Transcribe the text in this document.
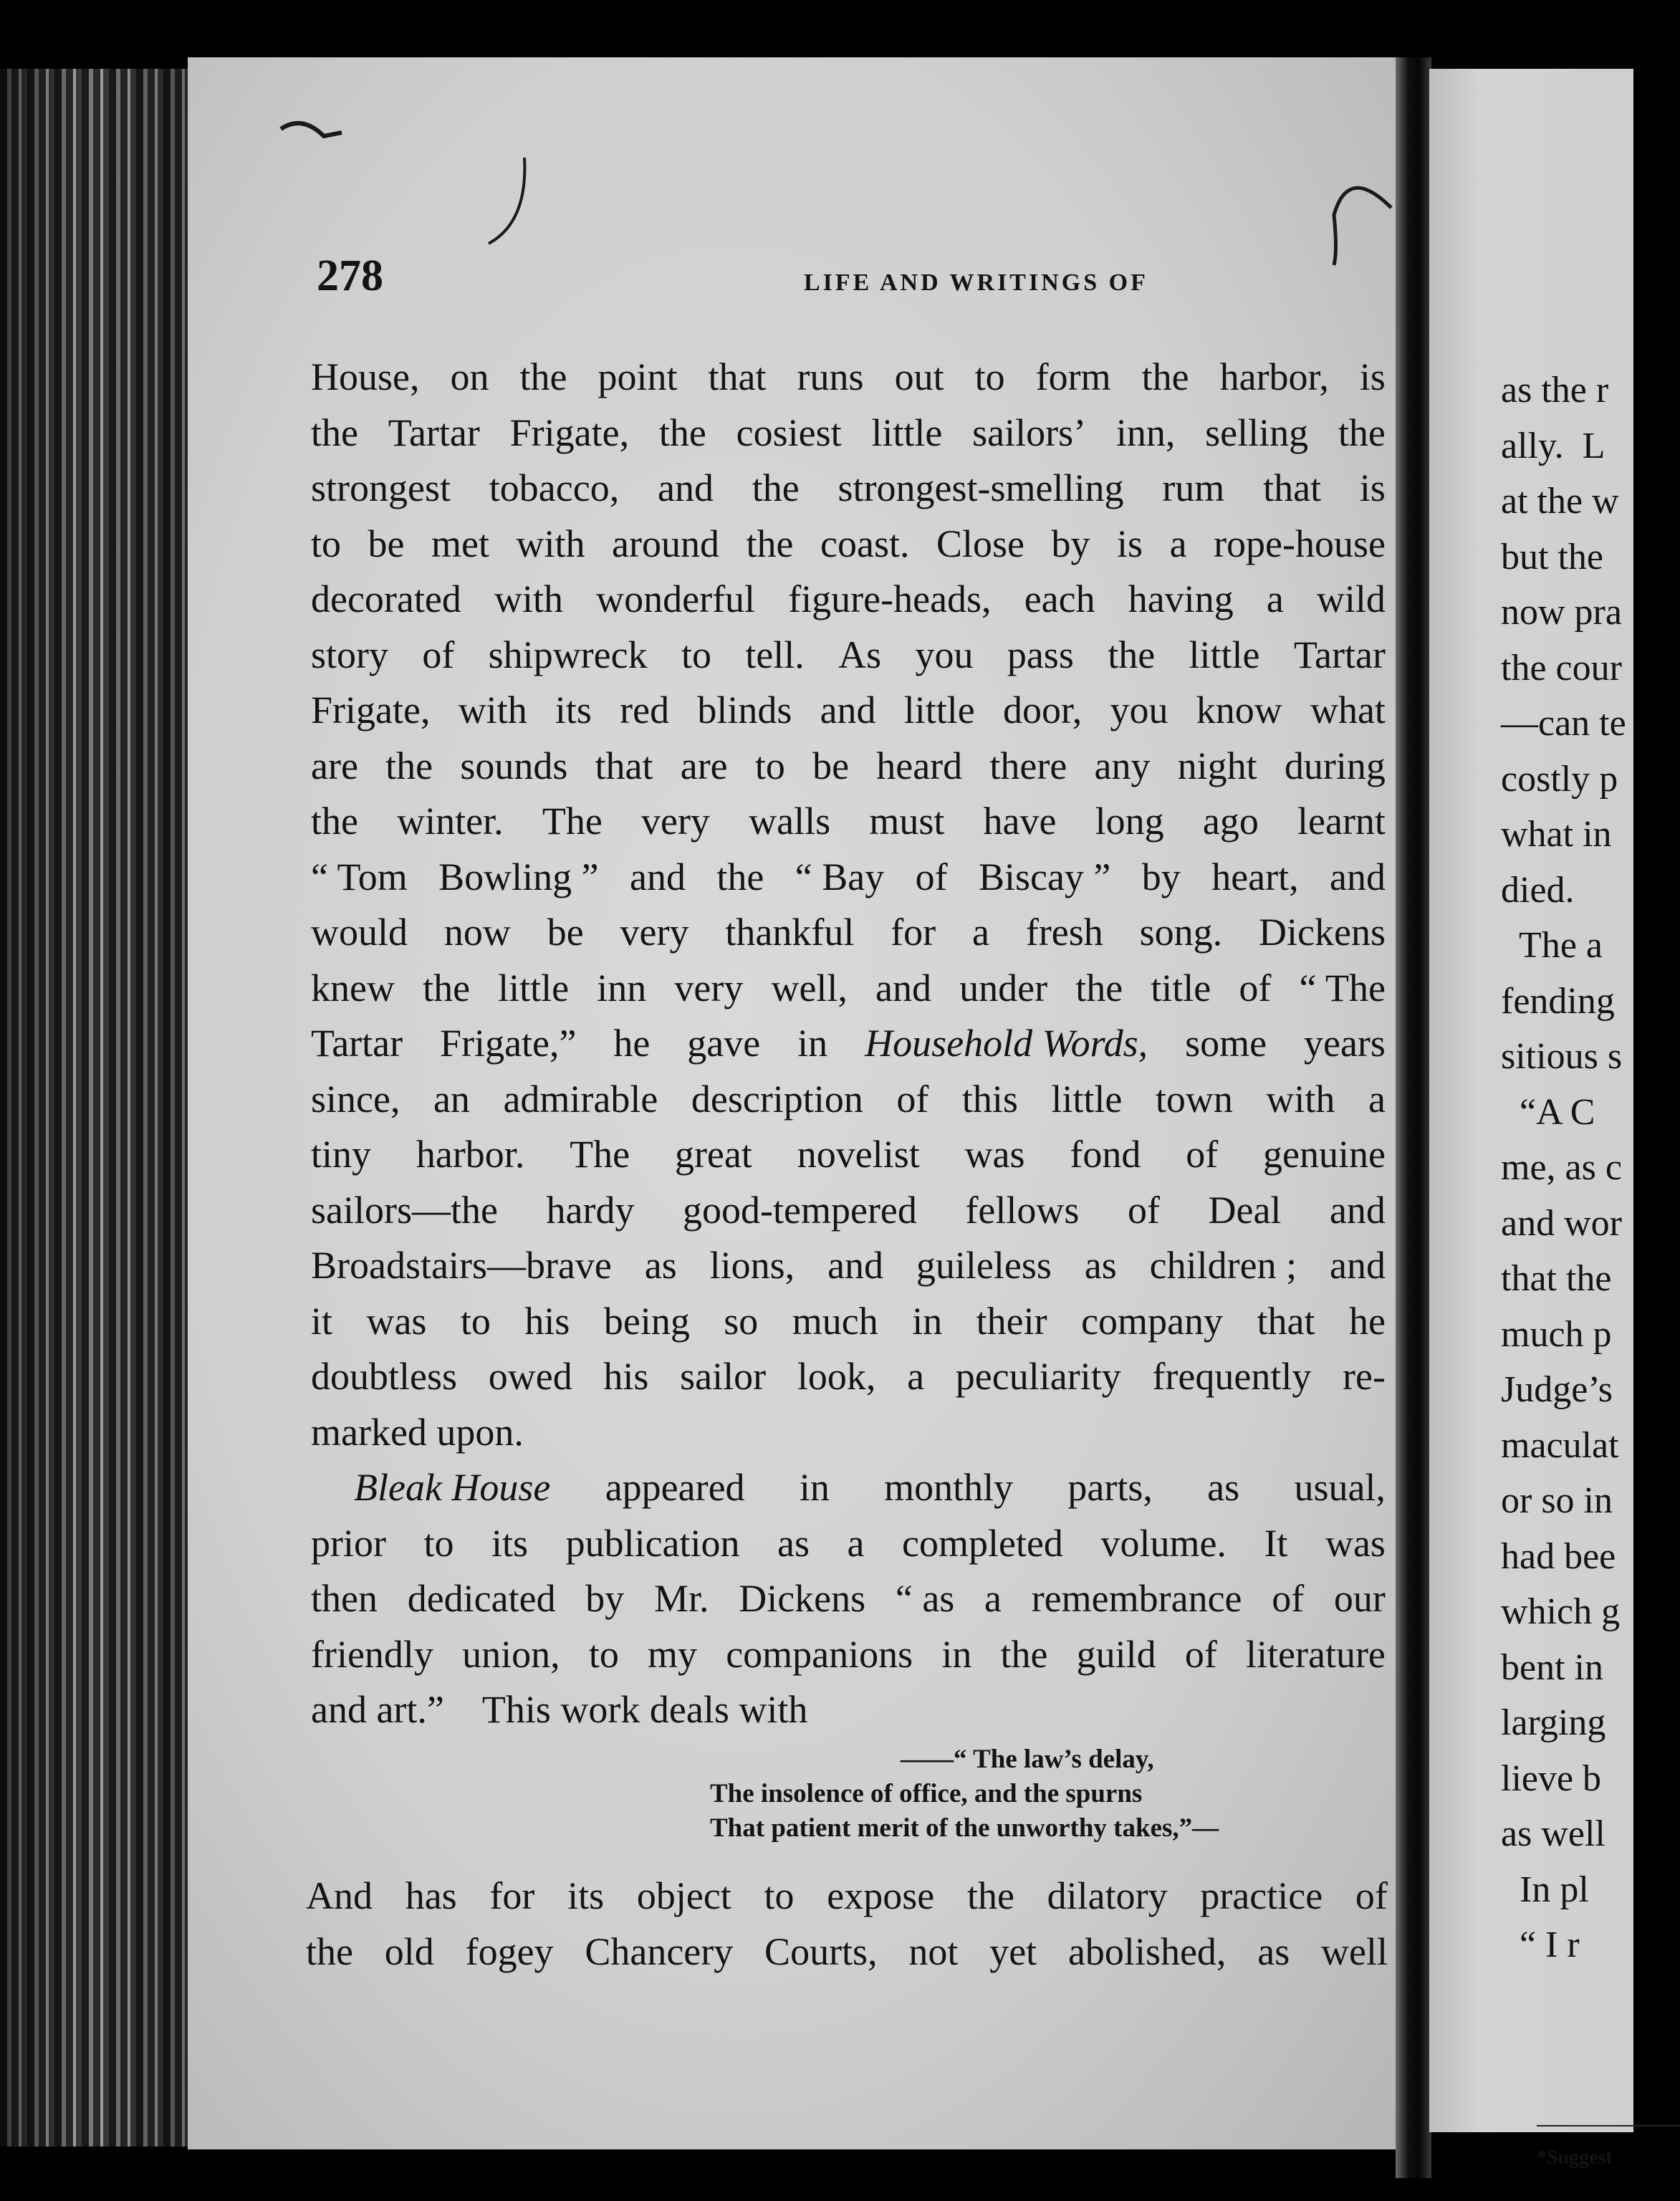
278	LIFE AND WRITINGS OF
House, on the point that runs out to form the harbor, is
the Tartar Frigate, the cosiest little sailors’ inn, selling the
strongest tobacco, and the strongest-smelling rum that is
to be met with around the coast. Close by is a rope-house
decorated with wonderful figure-heads, each having a wild
story of shipwreck to tell. As you pass the little Tartar
Frigate, with its red blinds and little door, you know what
are the sounds that are to be heard there any night during
the winter. The very walls must have long ago learnt
“ Tom Bowling ” and the “ Bay of Biscay ” by heart, and
would now be very thankful for a fresh song. Dickens
knew the little inn very well, and under the title of “ The
Tartar Frigate,” he gave in Household Words, some years
since, an admirable description of this little town with a
tiny harbor. The great novelist was fond of genuine
sailors—the hardy good-tempered fellows of Deal and
Broadstairs—brave as lions, and guileless as children ; and
it was to his being so much in their company that he
doubtless owed his sailor look, a peculiarity frequently re-
marked upon.
Bleak House appeared in monthly parts, as usual,
prior to its publication as a completed volume. It was
then dedicated by Mr. Dickens “ as a remembrance of our
friendly union, to my companions in the guild of literature
and art.”    This work deals with
——“ The law’s delay,
The insolence of office, and the spurns
That patient merit of the unworthy takes,”—
And has for its object to expose the dilatory practice of
the old fogey Chancery Courts, not yet abolished, as well
as the r
ally.  L
at the w
but the
now pra
the cour
—can te
costly p
what in
died.
The a
fending
sitious s
“A C
me, as c
and wor
that the
much p
Judge’s
maculat
or so in
had bee
which g
bent in
larging
lieve b
as well
In pl
“ I r
*Suggest
